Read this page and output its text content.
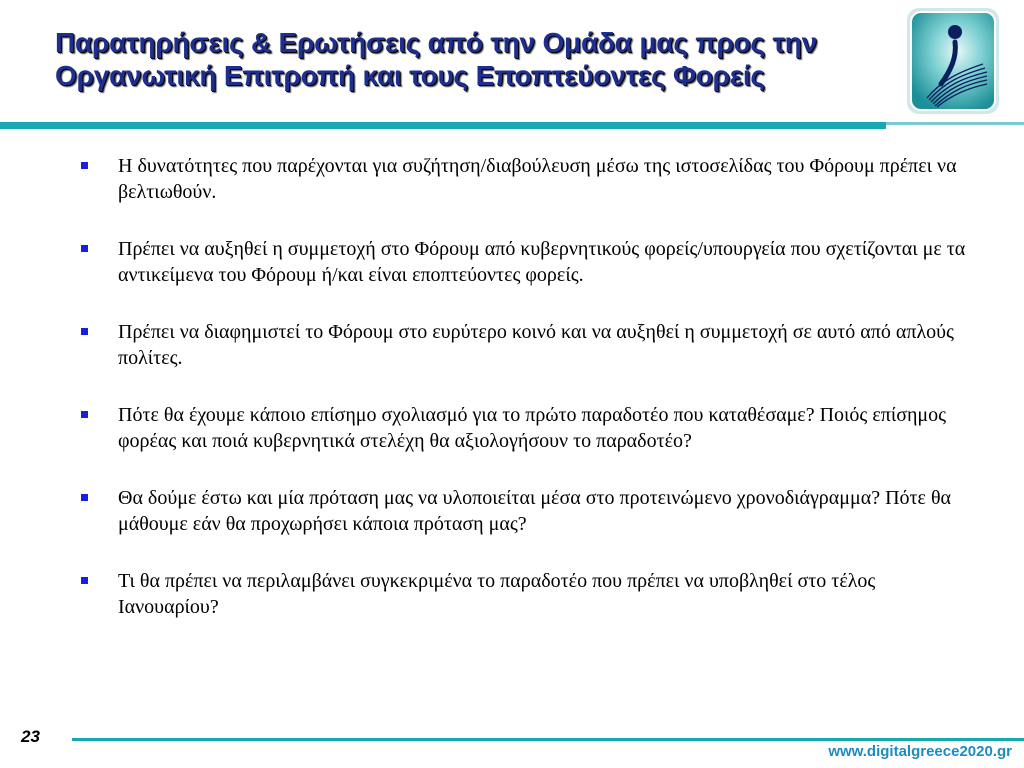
Παρατηρήσεις & Ερωτήσεις από την Ομάδα μας προς την Οργανωτική Επιτροπή και τους Εποπτεύοντες Φορείς
Η δυνατότητες που παρέχονται για συζήτηση/διαβούλευση μέσω της ιστοσελίδας του Φόρουμ πρέπει να βελτιωθούν.
Πρέπει να αυξηθεί η συμμετοχή στο Φόρουμ από κυβερνητικούς φορείς/υπουργεία που σχετίζονται με τα αντικείμενα του Φόρουμ ή/και είναι εποπτεύοντες φορείς.
Πρέπει να διαφημιστεί το Φόρουμ στο ευρύτερο κοινό και να αυξηθεί η συμμετοχή σε αυτό από απλούς πολίτες.
Πότε θα έχουμε κάποιο επίσημο σχολιασμό για το πρώτο παραδοτέο που καταθέσαμε? Ποιός επίσημος φορέας και ποιά κυβερνητικά στελέχη θα αξιολογήσουν το παραδοτέο?
Θα δούμε έστω και μία πρόταση μας να υλοποιείται μέσα στο προτεινώμενο χρονοδιάγραμμα? Πότε θα μάθουμε εάν θα προχωρήσει κάποια πρόταση μας?
Τι θα πρέπει να περιλαμβάνει συγκεκριμένα το παραδοτέο που πρέπει να υποβληθεί στο τέλος Ιανουαρίου?
23
www.digitalgreece2020.gr
